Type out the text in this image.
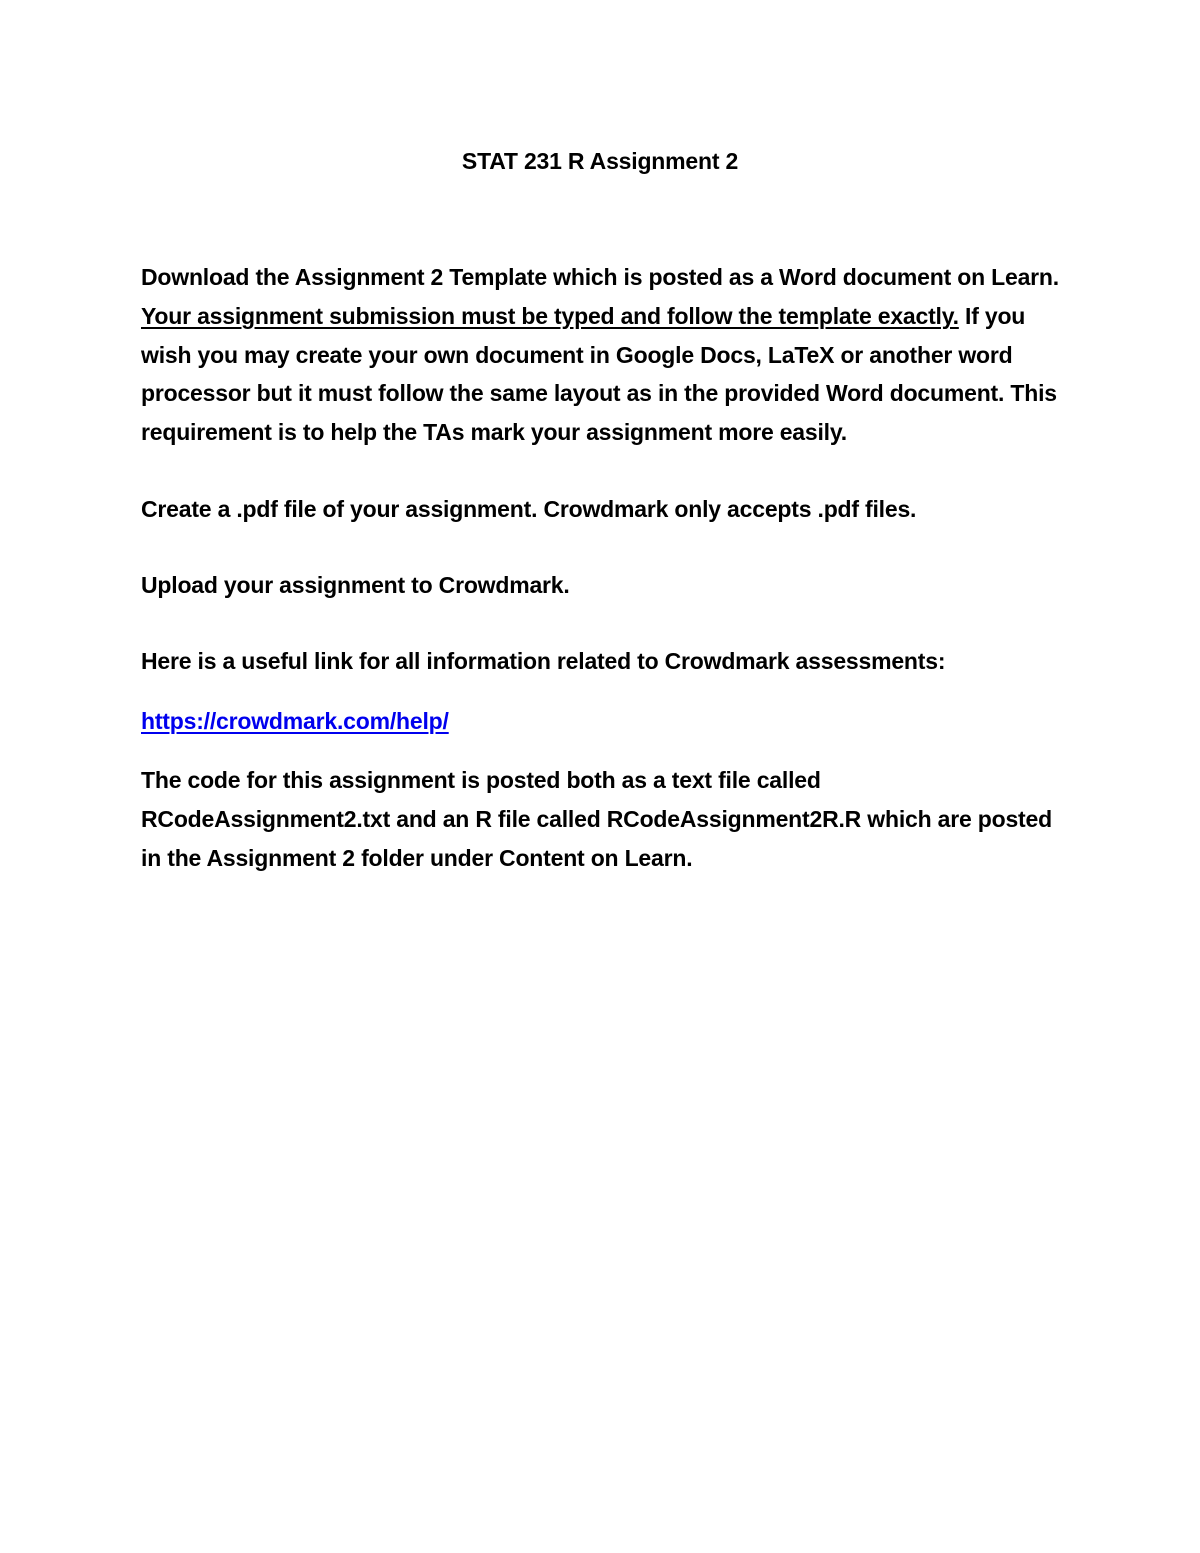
STAT 231 R Assignment 2

Download the Assignment 2 Template which is posted as a Word document on Learn. Your assignment submission must be typed and follow the template exactly. If you wish you may create your own document in Google Docs, LaTeX or another word processor but it must follow the same layout as in the provided Word document. This requirement is to help the TAs mark your assignment more easily.

Create a .pdf file of your assignment. Crowdmark only accepts .pdf files.

Upload your assignment to Crowdmark.

Here is a useful link for all information related to Crowdmark assessments:

https://crowdmark.com/help/

The code for this assignment is posted both as a text file called RCodeAssignment2.txt and an R file called RCodeAssignment2R.R which are posted in the Assignment 2 folder under Content on Learn.
